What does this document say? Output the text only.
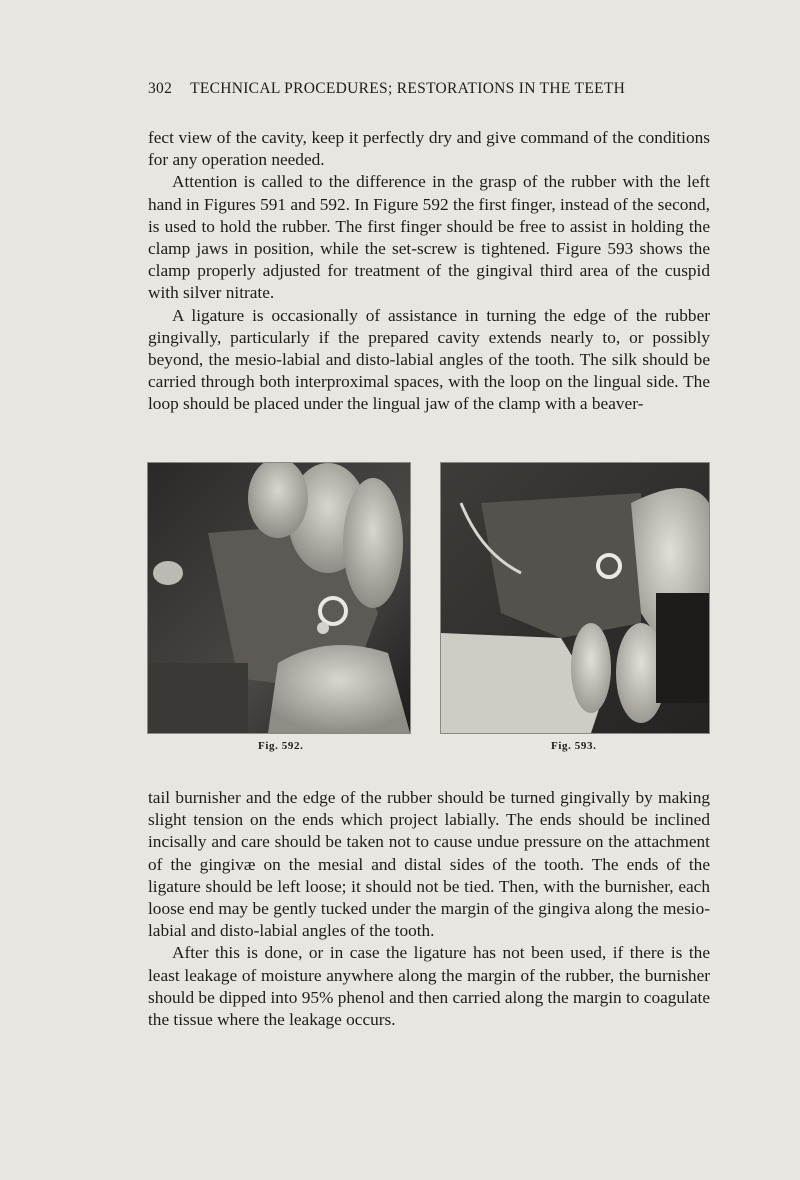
302 TECHNICAL PROCEDURES; RESTORATIONS IN THE TEETH

fect view of the cavity, keep it perfectly dry and give command of the conditions for any operation needed.

Attention is called to the difference in the grasp of the rubber with the left hand in Figures 591 and 592. In Figure 592 the first finger, instead of the second, is used to hold the rubber. The first finger should be free to assist in holding the clamp jaws in position, while the set-screw is tightened. Figure 593 shows the clamp properly adjusted for treatment of the gingival third area of the cuspid with silver nitrate.

A ligature is occasionally of assistance in turning the edge of the rubber gingivally, particularly if the prepared cavity extends nearly to, or possibly beyond, the mesio-labial and disto-labial angles of the tooth. The silk should be carried through both interproximal spaces, with the loop on the lingual side. The loop should be placed under the lingual jaw of the clamp with a beaver-

Fig. 592.	Fig. 593.

tail burnisher and the edge of the rubber should be turned gingivally by making slight tension on the ends which project labially. The ends should be inclined incisally and care should be taken not to cause undue pressure on the attachment of the gingivæ on the mesial and distal sides of the tooth. The ends of the ligature should be left loose; it should not be tied. Then, with the burnisher, each loose end may be gently tucked under the margin of the gingiva along the mesio-labial and disto-labial angles of the tooth.

After this is done, or in case the ligature has not been used, if there is the least leakage of moisture anywhere along the margin of the rubber, the burnisher should be dipped into 95% phenol and then carried along the margin to coagulate the tissue where the leakage occurs.
